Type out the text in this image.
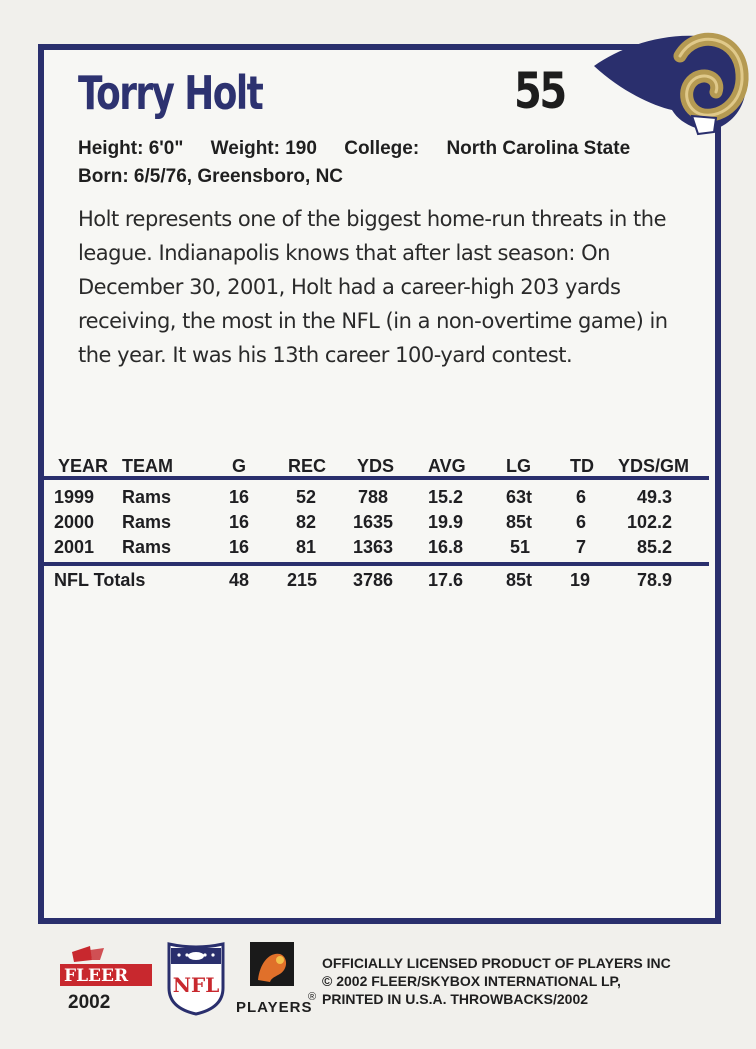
Torry Holt	55
Height: 6'0" Weight: 190 College: North Carolina State
Born: 6/5/76, Greensboro, NC
Holt represents one of the biggest home-run threats in the league. Indianapolis knows that after last season: On December 30, 2001, Holt had a career-high 203 yards receiving, the most in the NFL (in a non-overtime game) in the year. It was his 13th career 100-yard contest.
YEAR TEAM	G REC YDS AVG LG TD YDS/GM
1999 Rams	16	52 788 15.2 63t 6	49.3
2000 Rams	16	82 1635 19.9 85t 6 102.2
2001 Rams	16	81 1363 16.8	51	7	85.2
NFL Totals	48 215 3786 17.6 85t 19	78.9
FLEER
2002
NFL
PLAYERS
®
OFFICIALLY LICENSED PRODUCT OF PLAYERS INC
© 2002 FLEER/SKYBOX INTERNATIONAL LP,
PRINTED IN U.S.A. THROWBACKS/2002
